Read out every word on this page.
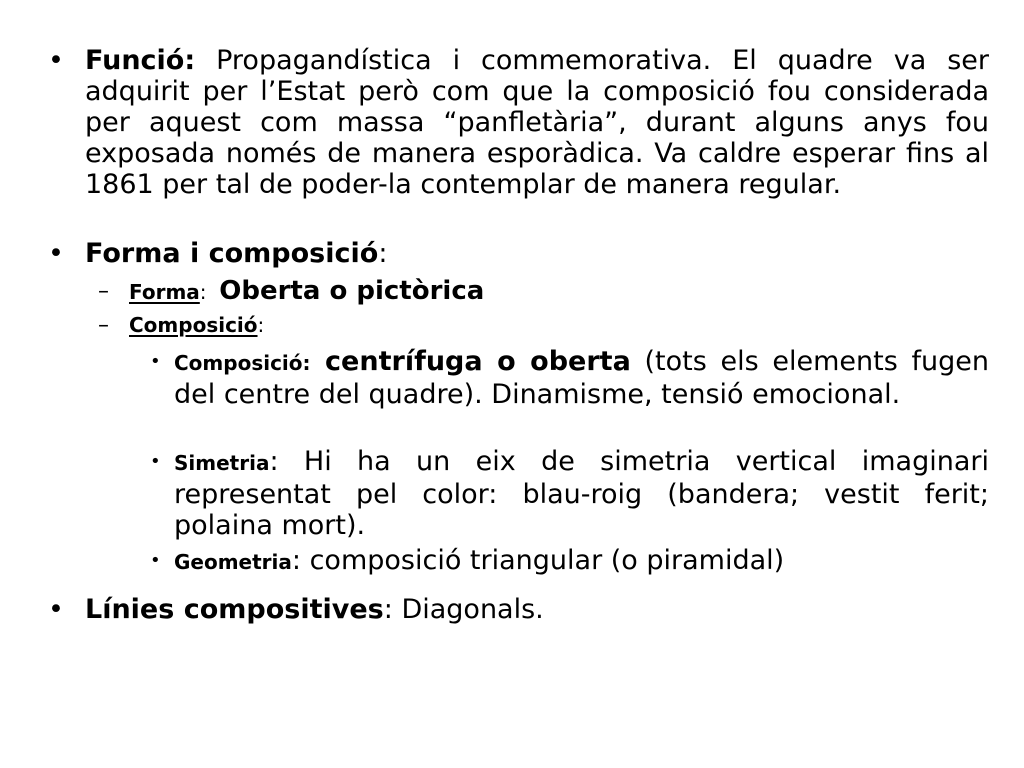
• Funció: Propagandística i commemorativa. El quadre va ser adquirit per l’Estat però com que la composició fou considerada per aquest com massa “panfletària”, durant alguns anys fou exposada només de manera esporàdica. Va caldre esperar fins al 1861 per tal de poder-la contemplar de manera regular.
• Forma i composició:
– Forma:  Oberta o pictòrica
– Composició:
• Composició: centrífuga o oberta (tots els elements fugen del centre del quadre). Dinamisme, tensió emocional.
• Simetria: Hi ha un eix de simetria vertical imaginari representat pel color: blau-roig (bandera; vestit ferit; polaina mort).
• Geometria: composició triangular (o piramidal)
• Línies compositives: Diagonals.
